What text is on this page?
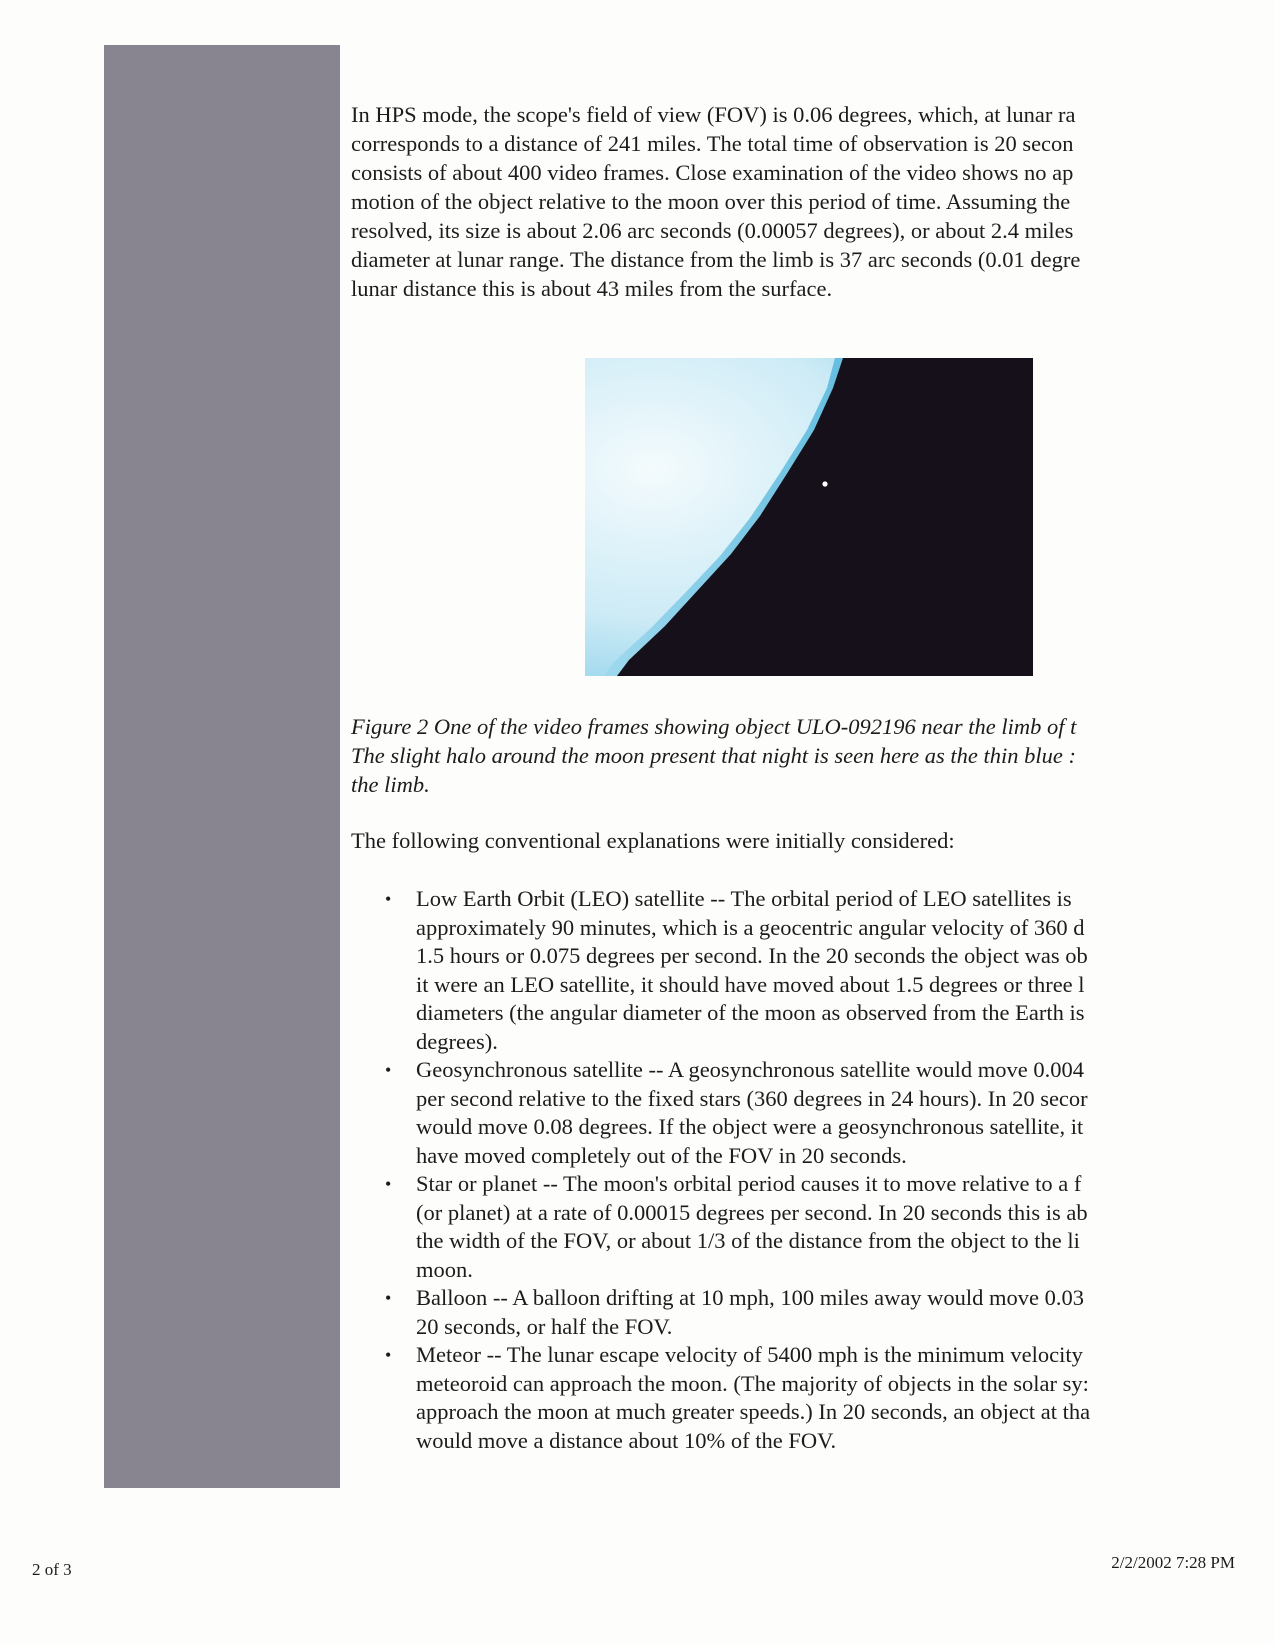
In HPS mode, the scope's field of view (FOV) is 0.06 degrees, which, at lunar ra
corresponds to a distance of 241 miles. The total time of observation is 20 secon
consists of about 400 video frames. Close examination of the video shows no ap
motion of the object relative to the moon over this period of time. Assuming the
resolved, its size is about 2.06 arc seconds (0.00057 degrees), or about 2.4 miles
diameter at lunar range. The distance from the limb is 37 arc seconds (0.01 degre
lunar distance this is about 43 miles from the surface.

Figure 2 One of the video frames showing object ULO-092196 near the limb of t
The slight halo around the moon present that night is seen here as the thin blue :
the limb.
The following conventional explanations were initially considered:
• Low Earth Orbit (LEO) satellite -- The orbital period of LEO satellites is
approximately 90 minutes, which is a geocentric angular velocity of 360 d
1.5 hours or 0.075 degrees per second. In the 20 seconds the object was ob
it were an LEO satellite, it should have moved about 1.5 degrees or three l
diameters (the angular diameter of the moon as observed from the Earth is
degrees).
• Geosynchronous satellite -- A geosynchronous satellite would move 0.004
per second relative to the fixed stars (360 degrees in 24 hours). In 20 secor
would move 0.08 degrees. If the object were a geosynchronous satellite, it
have moved completely out of the FOV in 20 seconds.
• Star or planet -- The moon's orbital period causes it to move relative to a f
(or planet) at a rate of 0.00015 degrees per second. In 20 seconds this is ab
the width of the FOV, or about 1/3 of the distance from the object to the li
moon.
• Balloon -- A balloon drifting at 10 mph, 100 miles away would move 0.03
20 seconds, or half the FOV.
• Meteor -- The lunar escape velocity of 5400 mph is the minimum velocity
meteoroid can approach the moon. (The majority of objects in the solar sy:
approach the moon at much greater speeds.) In 20 seconds, an object at tha
would move a distance about 10% of the FOV.
2 of 3	2/2/2002 7:28 PM
